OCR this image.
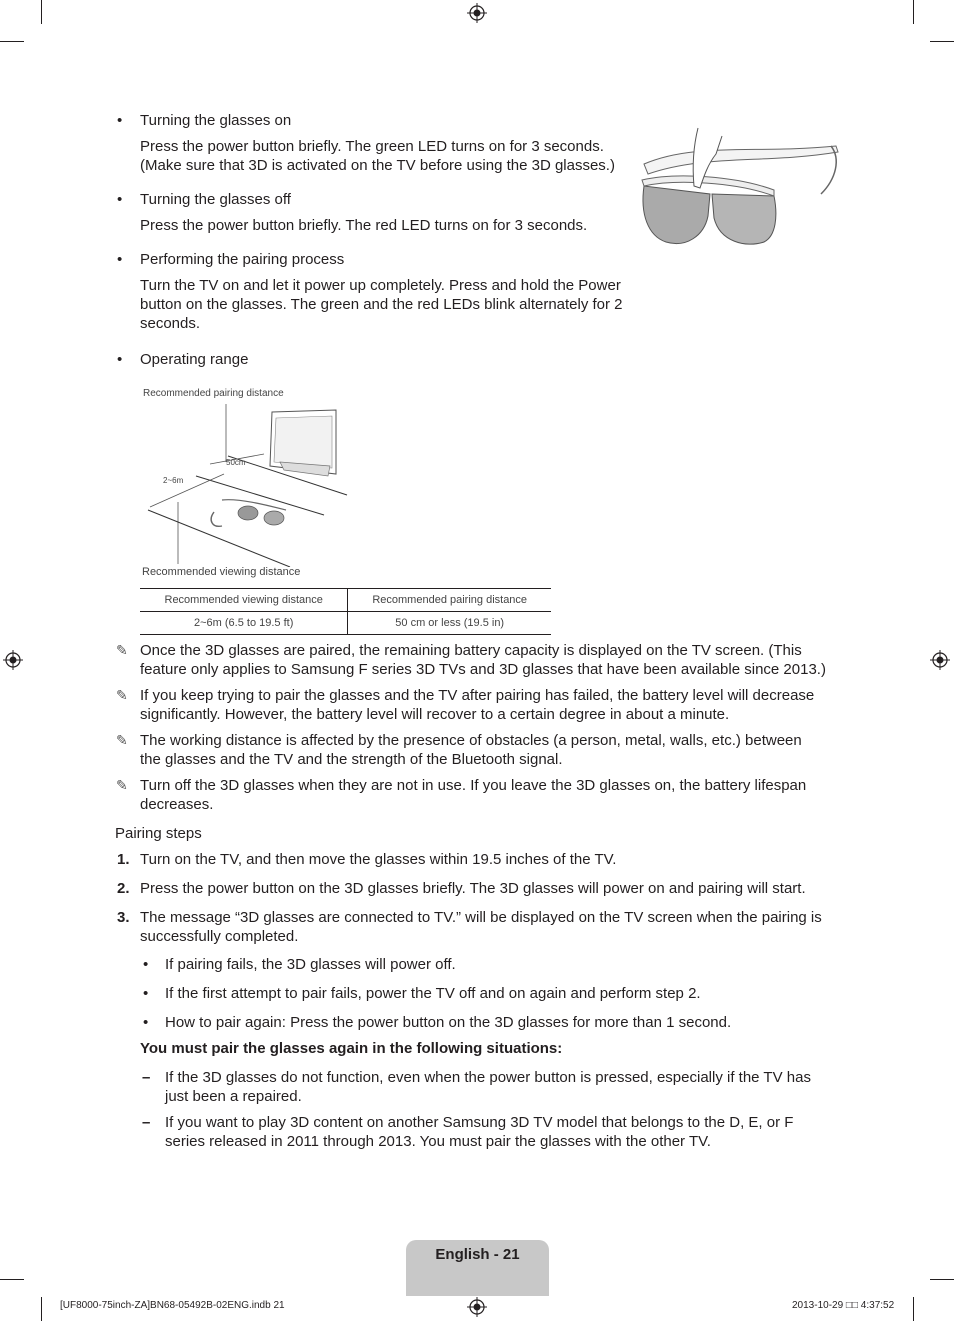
• Turning the glasses on
Press the power button briefly. The green LED turns on for 3 seconds.
(Make sure that 3D is activated on the TV before using the 3D glasses.)
• Turning the glasses off
Press the power button briefly. The red LED turns on for 3 seconds.
• Performing the pairing process
Turn the TV on and let it power up completely. Press and hold the Power
button on the glasses. The green and the red LEDs blink alternately for 2
seconds.
• Operating range
Recommended pairing distance
50cm
2~6m
Recommended viewing distance
Recommended viewing distance	Recommended pairing distance
2~6m (6.5 to 19.5 ft)	50 cm or less (19.5 in)
✎ Once the 3D glasses are paired, the remaining battery capacity is displayed on the TV screen. (This
feature only applies to Samsung F series 3D TVs and 3D glasses that have been available since 2013.)
✎ If you keep trying to pair the glasses and the TV after pairing has failed, the battery level will decrease
significantly. However, the battery level will recover to a certain degree in about a minute.
✎ The working distance is affected by the presence of obstacles (a person, metal, walls, etc.) between
the glasses and the TV and the strength of the Bluetooth signal.
✎ Turn off the 3D glasses when they are not in use. If you leave the 3D glasses on, the battery lifespan
decreases.
Pairing steps
1. Turn on the TV, and then move the glasses within 19.5 inches of the TV.
2. Press the power button on the 3D glasses briefly. The 3D glasses will power on and pairing will start.
3. The message “3D glasses are connected to TV.” will be displayed on the TV screen when the pairing is
successfully completed.
• If pairing fails, the 3D glasses will power off.
• If the first attempt to pair fails, power the TV off and on again and perform step 2.
• How to pair again: Press the power button on the 3D glasses for more than 1 second.
You must pair the glasses again in the following situations:
– If the 3D glasses do not function, even when the power button is pressed, especially if the TV has
just been a repaired.
– If you want to play 3D content on another Samsung 3D TV model that belongs to the D, E, or F
series released in 2011 through 2013. You must pair the glasses with the other TV.
English - 21
[UF8000-75inch-ZA]BN68-05492B-02ENG.indb 21	2013-10-29 □□ 4:37:52
